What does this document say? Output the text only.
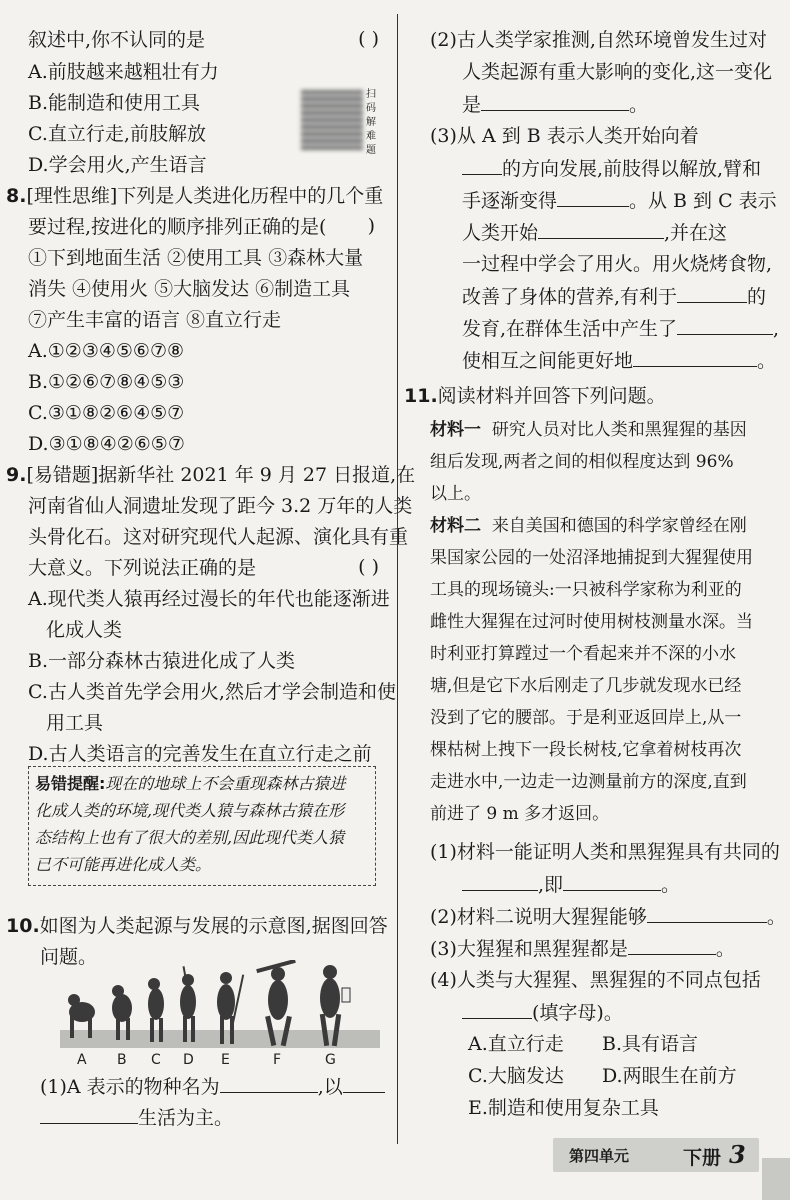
叙述中,你不认同的是	( )
A.前肢越来越粗壮有力
B.能制造和使用工具
C.直立行走,前肢解放
D.学会用火,产生语言
扫码解难题
8.[理性思维]下列是人类进化历程中的几个重
要过程,按进化的顺序排列正确的是( )
①下到地面生活 ②使用工具 ③森林大量
消失 ④使用火 ⑤大脑发达 ⑥制造工具
⑦产生丰富的语言 ⑧直立行走
A.①②③④⑤⑥⑦⑧
B.①②⑥⑦⑧④⑤③
C.③①⑧②⑥④⑤⑦
D.③①⑧④②⑥⑤⑦
9.[易错题]据新华社 2021 年 9 月 27 日报道,在
河南省仙人洞遗址发现了距今 3.2 万年的人类
头骨化石。这对研究现代人起源、演化具有重
大意义。下列说法正确的是	( )
A.现代类人猿再经过漫长的年代也能逐渐进
化成人类
B.一部分森林古猿进化成了人类
C.古人类首先学会用火,然后才学会制造和使
用工具
D.古人类语言的完善发生在直立行走之前
易错提醒:现在的地球上不会重现森林古猿进
化成人类的环境,现代类人猿与森林古猿在形
态结构上也有了很大的差别,因此现代类人猿
已不可能再进化成人类。
10.如图为人类起源与发展的示意图,据图回答
问题。
A B C D E	F	G
(1)A 表示的物种名为	,以
生活为主。
(2)古人类学家推测,自然环境曾发生过对
人类起源有重大影响的变化,这一变化
是	。
(3)从 A 到 B 表示人类开始向着
的方向发展,前肢得以解放,臂和
手逐渐变得	。从 B 到 C 表示
人类开始	,并在这
一过程中学会了用火。用火烧烤食物,
改善了身体的营养,有利于	的
发育,在群体生活中产生了	,
使相互之间能更好地	。
11.阅读材料并回答下列问题。
材料一 研究人员对比人类和黑猩猩的基因
组后发现,两者之间的相似程度达到 96%
以上。
材料二 来自美国和德国的科学家曾经在刚
果国家公园的一处沼泽地捕捉到大猩猩使用
工具的现场镜头:一只被科学家称为利亚的
雌性大猩猩在过河时使用树枝测量水深。当
时利亚打算蹚过一个看起来并不深的小水
塘,但是它下水后刚走了几步就发现水已经
没到了它的腰部。于是利亚返回岸上,从一
棵枯树上拽下一段长树枝,它拿着树枝再次
走进水中,一边走一边测量前方的深度,直到
前进了 9 m 多才返回。
(1)材料一能证明人类和黑猩猩具有共同的
,即	。
(2)材料二说明大猩猩能够	。
(3)大猩猩和黑猩猩都是	。
(4)人类与大猩猩、黑猩猩的不同点包括
(填字母)。
A.直立行走 B.具有语言
C.大脑发达 D.两眼生在前方
E.制造和使用复杂工具
第四单元	下册 3
